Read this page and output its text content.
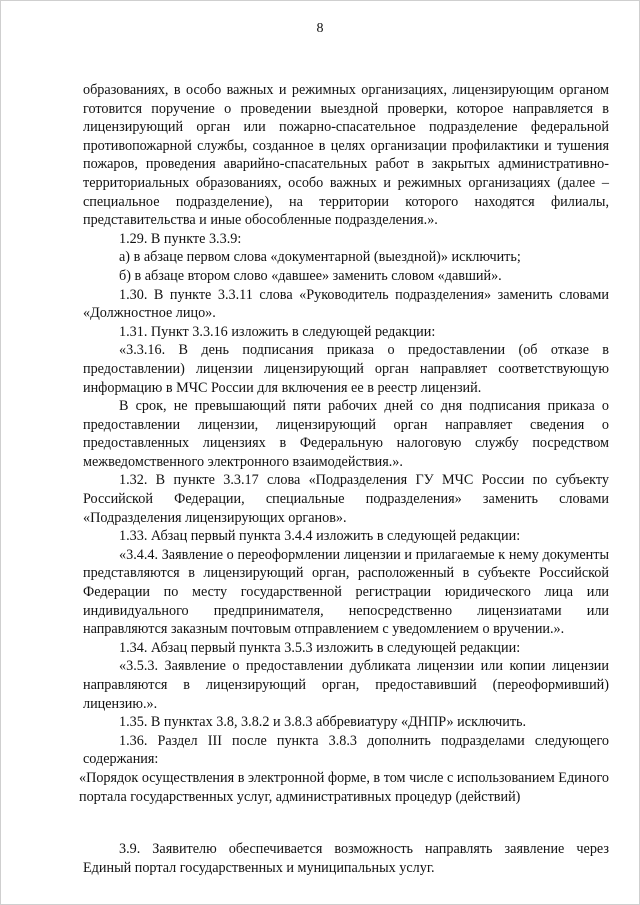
8

образованиях, в особо важных и режимных организациях, лицензирующим органом готовится поручение о проведении выездной проверки, которое направляется в лицензирующий орган или пожарно-спасательное подразделение федеральной противопожарной службы, созданное в целях организации профилактики и тушения пожаров, проведения аварийно-спасательных работ в закрытых административно-территориальных образованиях, особо важных и режимных организациях (далее – специальное подразделение), на территории которого находятся филиалы, представительства и иные обособленные подразделения.».

1.29. В пункте 3.3.9:

а) в абзаце первом слова «документарной (выездной)» исключить;

б) в абзаце втором слово «давшее» заменить словом «давший».

1.30. В пункте 3.3.11 слова «Руководитель подразделения» заменить словами «Должностное лицо».

1.31. Пункт 3.3.16 изложить в следующей редакции:

«3.3.16. В день подписания приказа о предоставлении (об отказе в предоставлении) лицензии лицензирующий орган направляет соответствующую информацию в МЧС России для включения ее в реестр лицензий.

В срок, не превышающий пяти рабочих дней со дня подписания приказа о предоставлении лицензии, лицензирующий орган направляет сведения о предоставленных лицензиях в Федеральную налоговую службу посредством межведомственного электронного взаимодействия.».

1.32. В пункте 3.3.17 слова «Подразделения ГУ МЧС России по субъекту Российской Федерации, специальные подразделения» заменить словами «Подразделения лицензирующих органов».

1.33. Абзац первый пункта 3.4.4 изложить в следующей редакции:

«3.4.4. Заявление о переоформлении лицензии и прилагаемые к нему документы представляются в лицензирующий орган, расположенный в субъекте Российской Федерации по месту государственной регистрации юридического лица или индивидуального предпринимателя, непосредственно лицензиатами или направляются заказным почтовым отправлением с уведомлением о вручении.».

1.34. Абзац первый пункта 3.5.3 изложить в следующей редакции:

«3.5.3. Заявление о предоставлении дубликата лицензии или копии лицензии направляются в лицензирующий орган, предоставивший (переоформивший) лицензию.».

1.35. В пунктах 3.8, 3.8.2 и 3.8.3 аббревиатуру «ДНПР» исключить.

1.36. Раздел III после пункта 3.8.3 дополнить подразделами следующего содержания:

«Порядок осуществления в электронной форме, в том числе с использованием Единого портала государственных услуг, административных процедур (действий)

3.9. Заявителю обеспечивается возможность направлять заявление через Единый портал государственных и муниципальных услуг.
